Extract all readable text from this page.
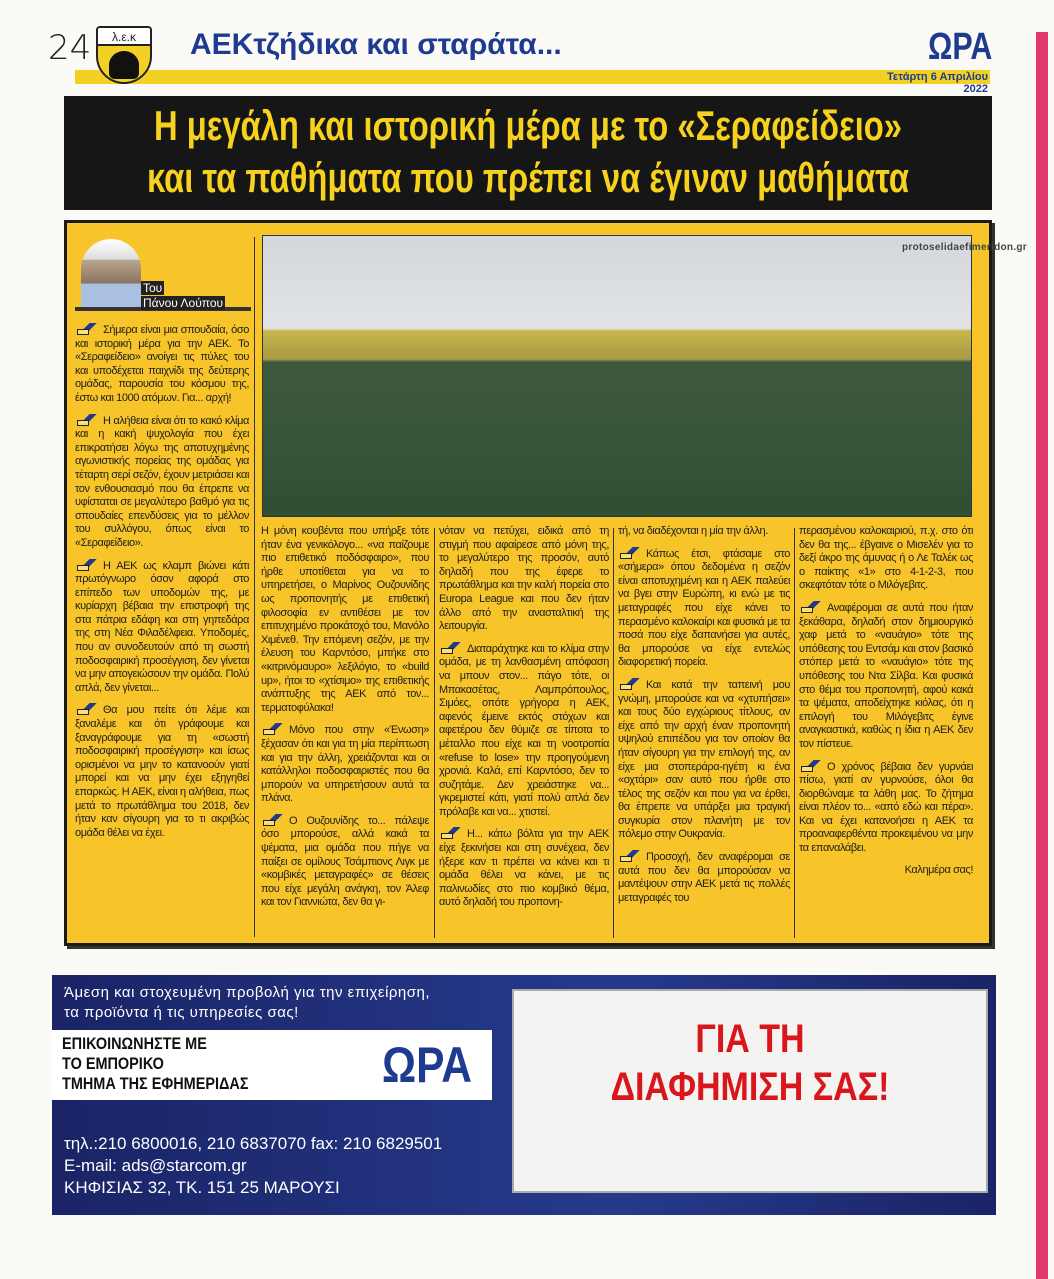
24	λ.ε.κ	ΑΕΚτζήδικα και σταράτα...	ΩΡΑ
Τετάρτη 6 Απριλίου 2022
Η μεγάλη και ιστορική μέρα με το «Σεραφείδειο»
και τα παθήματα που πρέπει να έγιναν μαθήματα
Του
Πάνου Λούπου

Σήμερα είναι μια σπουδαία, όσο και ιστορική μέρα για την ΑΕΚ. Το «Σεραφείδειο» ανοίγει τις πύλες του και υποδέχεται παιχνίδι της δεύτερης ομάδας, παρουσία του κόσμου της, έστω και 1000 ατόμων. Για... αρχή!

Η αλήθεια είναι ότι το κακό κλίμα και η κακή ψυχολογία που έχει επικρατήσει λόγω της αποτυχημένης αγωνιστικής πορείας της ομάδας για τέταρτη σερί σεζόν, έχουν μετριάσει και τον ενθουσιασμό που θα έπρεπε να υφίσταται σε μεγαλύτερο βαθμό για τις σπουδαίες επενδύσεις για το μέλλον του συλλόγου, όπως είναι το «Σεραφείδειο».

Η ΑΕΚ ως κλαμπ βιώνει κάτι πρωτόγνωρο όσον αφορά στο επίπεδο των υποδομών της, με κυρίαρχη βέβαια την επιστροφή της στα πάτρια εδάφη και στη γηπεδάρα της στη Νέα Φιλαδέλφεια. Υποδομές, που αν συνοδευτούν από τη σωστή ποδοσφαιρική προσέγγιση, δεν γίνεται να μην απογειώσουν την ομάδα. Πολύ απλά, δεν γίνεται...

Θα μου πείτε ότι λέμε και ξαναλέμε και ότι γράφουμε και ξαναγράφουμε για τη «σωστή ποδοσφαιρική προσέγγιση» και ίσως ορισμένοι να μην το κατανοούν γιατί μπορεί και να μην έχει εξηγηθεί επαρκώς. Η ΑΕΚ, είναι η αλήθεια, πως μετά το πρωτάθλημα του 2018, δεν ήταν καν σίγουρη για το τι ακριβώς ομάδα θέλει να έχει.

Η μόνη κουβέντα που υπήρξε τότε ήταν ένα γενικόλογο... «να παίζουμε πιο επιθετικό ποδόσφαιρο», που ήρθε υποτίθεται για να το υπηρετήσει, ο Μαρίνος Ουζουνίδης ως προπονητής με επιθετική φιλοσοφία εν αντιθέσει με τον επιτυχημένο προκάτοχό του, Μανόλο Χιμένεθ. Την επόμενη σεζόν, με την έλευση του Καρντόσο, μπήκε στο «κιτρινόμαυρο» λεξιλόγιο, το «build up», ήτοι το «χτίσιμο» της επιθετικής ανάπτυξης της ΑΕΚ από τον... τερματοφύλακα!

Μόνο που στην «Ένωση» ξέχασαν ότι και για τη μία περίπτωση και για την άλλη, χρειάζονται και οι κατάλληλοι ποδοσφαιριστές που θα μπορούν να υπηρετήσουν αυτά τα πλάνα.

Ο Ουζουνίδης το... πάλεψε όσο μπορούσε, αλλά κακά τα ψέματα, μια ομάδα που πήγε να παίξει σε ομίλους Τσάμπιονς Λιγκ με «κομβικές μεταγραφές» σε θέσεις που είχε μεγάλη ανάγκη, τον Άλεφ και τον Γιαννιώτα, δεν θα γι-

νόταν να πετύχει, ειδικά από τη στιγμή που αφαίρεσε από μόνη της, το μεγαλύτερο της προσόν, αυτό δηλαδή που της έφερε το πρωτάθλημα και την καλή πορεία στο Europa League και που δεν ήταν άλλο από την ανασταλτική της λειτουργία.

Διαταράχτηκε και το κλίμα στην ομάδα, με τη λανθασμένη απόφαση να μπουν στον... πάγο τότε, οι Μπακασέτας, Λαμπρόπουλος, Σιμόες, οπότε γρήγορα η ΑΕΚ, αφενός έμεινε εκτός στόχων και αφετέρου δεν θύμιζε σε τίποτα το μέταλλο που είχε και τη νοοτροπία «refuse to lose» την προηγούμενη χρονιά. Καλά, επί Καρντόσο, δεν το συζητάμε. Δεν χρειάστηκε να... γκρεμιστεί κάτι, γιατί πολύ απλά δεν πρόλαβε και να... χτιστεί.

Η... κάτω βόλτα για την ΑΕΚ είχε ξεκινήσει και στη συνέχεια, δεν ήξερε καν τι πρέπει να κάνει και τι ομάδα θέλει να κάνει, με τις παλινωδίες στο πιο κομβικό θέμα, αυτό δηλαδή του προπονη-

τή, να διαδέχονται η μία την άλλη.

Κάπως έτσι, φτάσαμε στο «σήμερα» όπου δεδομένα η σεζόν είναι αποτυχημένη και η ΑΕΚ παλεύει να βγει στην Ευρώπη, κι ενώ με τις μεταγραφές που είχε κάνει το περασμένο καλοκαίρι και φυσικά με τα ποσά που είχε δαπανήσει για αυτές, θα μπορούσε να είχε εντελώς διαφορετική πορεία.

Και κατά την ταπεινή μου γνώμη, μπορούσε και να «χτυπήσει» και τους δύο εγχώριους τίτλους, αν είχε από την αρχή έναν προπονητή υψηλού επιπέδου για τον οποίον θα ήταν σίγουρη για την επιλογή της, αν είχε μια στοπεράρα-ηγέτη κι ένα «οχτάρι» σαν αυτό που ήρθε στο τέλος της σεζόν και που για να έρθει, θα έπρεπε να υπάρξει μια τραγική συγκυρία στον πλανήτη με τον πόλεμο στην Ουκρανία.

Προσοχή, δεν αναφέρομαι σε αυτά που δεν θα μπορούσαν να μαντέψουν στην ΑΕΚ μετά τις πολλές μεταγραφές του

περασμένου καλοκαιριού, π.χ. στο ότι δεν θα της... έβγαινε ο Μισελέν για το δεξί άκρο της άμυνας ή ο Λε Ταλέκ ως ο παίκτης «1» στο 4-1-2-3, που σκεφτόταν τότε ο Μιλόγεβιτς.

Αναφέρομαι σε αυτά που ήταν ξεκάθαρα, δηλαδή στον δημιουργικό χαφ μετά το «ναυάγιο» τότε της υπόθεσης του Εντσάμ και στον βασικό στόπερ μετά το «ναυάγιο» τότε της υπόθεσης του Ντα Σίλβα. Και φυσικά στο θέμα του προπονητή, αφού κακά τα ψέματα, αποδείχτηκε κιόλας, ότι η επιλογή του Μιλόγεβιτς έγινε αναγκαστικά, καθώς η ίδια η ΑΕΚ δεν τον πίστευε.

Ο χρόνος βέβαια δεν γυρνάει πίσω, γιατί αν γυρνούσε, όλοι θα διορθώναμε τα λάθη μας. Το ζήτημα είναι πλέον το... «από εδώ και πέρα». Και να έχει κατανοήσει η ΑΕΚ τα προαναφερθέντα προκειμένου να μην τα επαναλάβει.

Καλημέρα σας!
protoselidaefimeridon.gr
Άμεση και στοχευμένη προβολή για την επιχείρηση,
τα προϊόντα ή τις υπηρεσίες σας!
ΕΠΙΚΟΙΝΩΝΗΣΤΕ ΜΕ
ΤΟ ΕΜΠΟΡΙΚΟ
ΤΜΗΜΑ ΤΗΣ ΕΦΗΜΕΡΙΔΑΣ	ΩΡΑ
τηλ.:210 6800016, 210 6837070 fax: 210 6829501
E-mail: ads@starcom.gr
ΚΗΦΙΣΙΑΣ 32, ΤΚ. 151 25 ΜΑΡΟΥΣΙ
ΓΙΑ ΤΗ
ΔΙΑΦΗΜΙΣΗ ΣΑΣ!
